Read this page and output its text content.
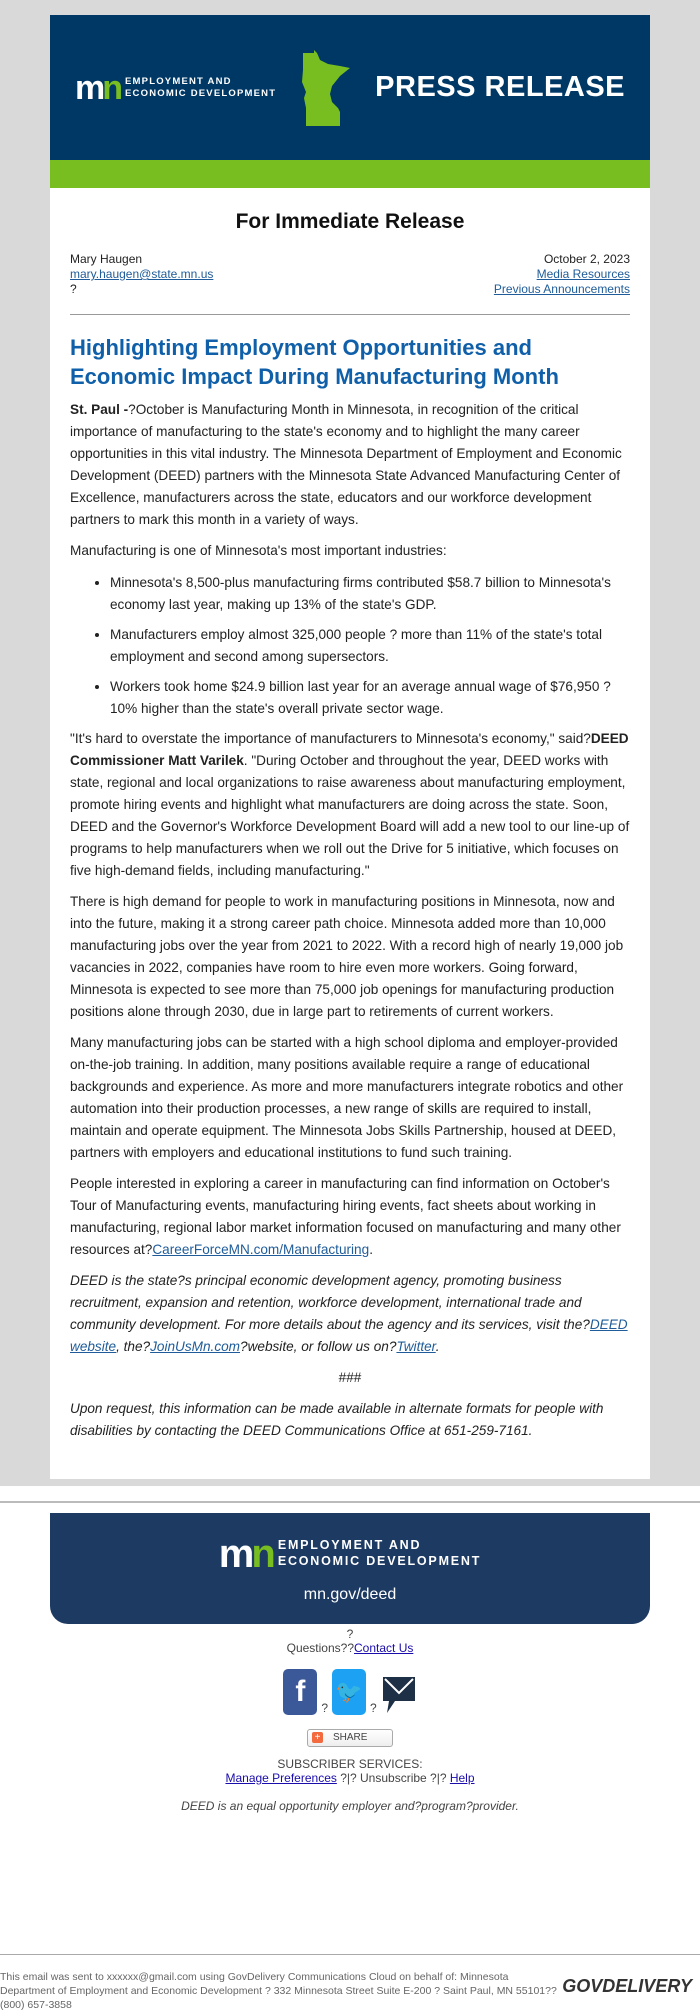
mn EMPLOYMENT AND
ECONOMIC DEVELOPMENT	PRESS RELEASE
For Immediate Release
Mary Haugen
mary.haugen@state.mn.us
?
October 2, 2023
Media Resources
Previous Announcements
Highlighting Employment Opportunities and Economic Impact During Manufacturing Month

St. Paul -?October is Manufacturing Month in Minnesota, in recognition of the critical importance of manufacturing to the state's economy and to highlight the many career opportunities in this vital industry. The Minnesota Department of Employment and Economic Development (DEED) partners with the Minnesota State Advanced Manufacturing Center of Excellence, manufacturers across the state, educators and our workforce development partners to mark this month in a variety of ways.

Manufacturing is one of Minnesota's most important industries:

• Minnesota's 8,500-plus manufacturing firms contributed $58.7 billion to Minnesota's economy last year, making up 13% of the state's GDP.
• Manufacturers employ almost 325,000 people ? more than 11% of the state's total employment and second among supersectors.
• Workers took home $24.9 billion last year for an average annual wage of $76,950 ? 10% higher than the state's overall private sector wage.

"It's hard to overstate the importance of manufacturers to Minnesota's economy," said?DEED Commissioner Matt Varilek. "During October and throughout the year, DEED works with state, regional and local organizations to raise awareness about manufacturing employment, promote hiring events and highlight what manufacturers are doing across the state. Soon, DEED and the Governor's Workforce Development Board will add a new tool to our line-up of programs to help manufacturers when we roll out the Drive for 5 initiative, which focuses on five high-demand fields, including manufacturing."

There is high demand for people to work in manufacturing positions in Minnesota, now and into the future, making it a strong career path choice. Minnesota added more than 10,000 manufacturing jobs over the year from 2021 to 2022. With a record high of nearly 19,000 job vacancies in 2022, companies have room to hire even more workers. Going forward, Minnesota is expected to see more than 75,000 job openings for manufacturing production positions alone through 2030, due in large part to retirements of current workers.

Many manufacturing jobs can be started with a high school diploma and employer-provided on-the-job training. In addition, many positions available require a range of educational backgrounds and experience. As more and more manufacturers integrate robotics and other automation into their production processes, a new range of skills are required to install, maintain and operate equipment. The Minnesota Jobs Skills Partnership, housed at DEED, partners with employers and educational institutions to fund such training.

People interested in exploring a career in manufacturing can find information on October's Tour of Manufacturing events, manufacturing hiring events, fact sheets about working in manufacturing, regional labor market information focused on manufacturing and many other resources at?CareerForceMN.com/Manufacturing.

DEED is the state?s principal economic development agency, promoting business recruitment, expansion and retention, workforce development, international trade and community development. For more details about the agency and its services, visit the?DEED website, the?JoinUsMn.com?website, or follow us on?Twitter.

###

Upon request, this information can be made available in alternate formats for people with disabilities by contacting the DEED Communications Office at 651-259-7161.

mn EMPLOYMENT AND
ECONOMIC DEVELOPMENT
mn.gov/deed
?
Questions??Contact Us
f	?
🐦
?
+ SHARE
SUBSCRIBER SERVICES:
Manage Preferences ?|? Unsubscribe ?|? Help
DEED is an equal opportunity employer and?program?provider.
This email was sent to xxxxxx@gmail.com using GovDelivery Communications Cloud on behalf of: Minnesota Department of Employment and Economic Development ? 332 Minnesota Street Suite E-200 ? Saint Paul, MN 55101?? (800) 657-3858
GOVDELIVERY
